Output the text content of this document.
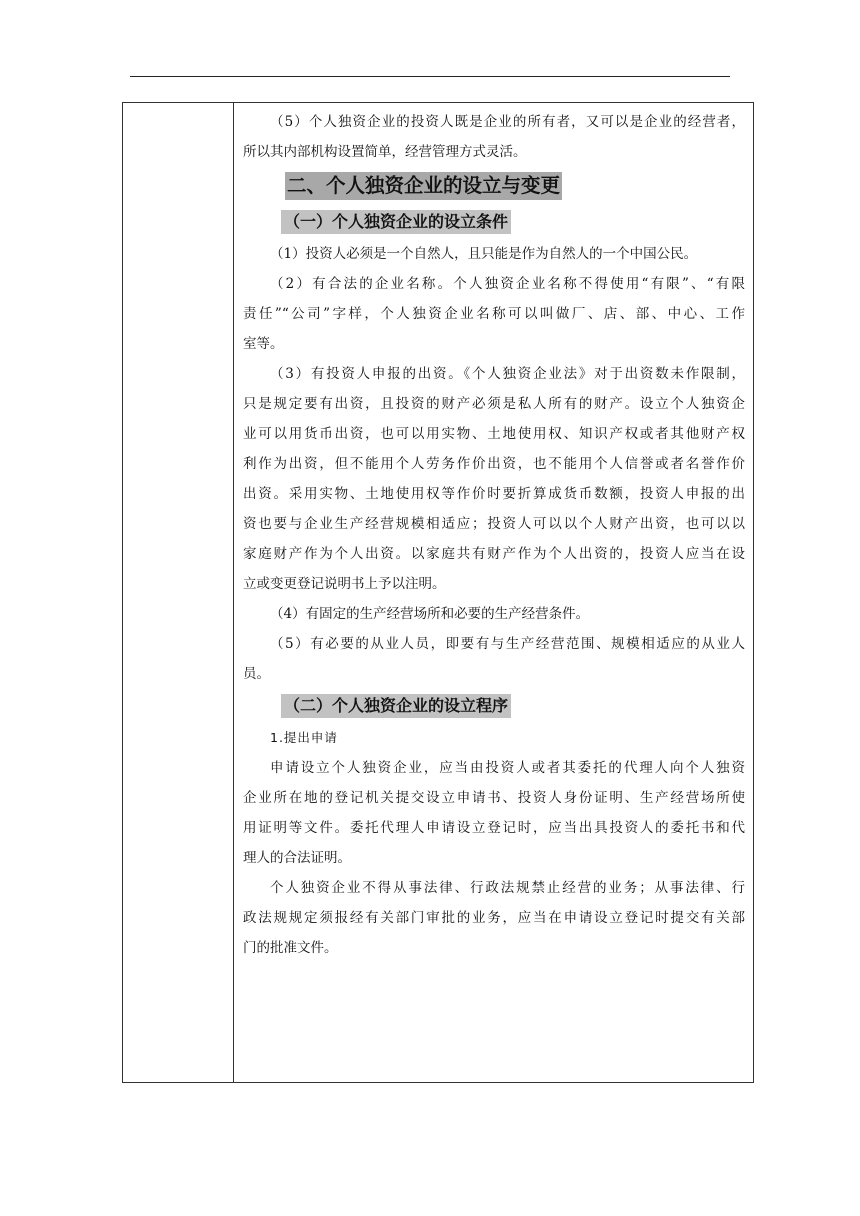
（5）个人独资企业的投资人既是企业的所有者，又可以是企业的经营者，
所以其内部机构设置简单，经营管理方式灵活。
二、个人独资企业的设立与变更
（一）个人独资企业的设立条件
（1）投资人必须是一个自然人，且只能是作为自然人的一个中国公民。
（2）有合法的企业名称。个人独资企业名称不得使用“有限”、“有限
责任”“公司”字样，个人独资企业名称可以叫做厂、店、部、中心、工作
室等。
（3）有投资人申报的出资。《个人独资企业法》对于出资数未作限制，
只是规定要有出资，且投资的财产必须是私人所有的财产。设立个人独资企
业可以用货币出资，也可以用实物、土地使用权、知识产权或者其他财产权
利作为出资，但不能用个人劳务作价出资，也不能用个人信誉或者名誉作价
出资。采用实物、土地使用权等作价时要折算成货币数额，投资人申报的出
资也要与企业生产经营规模相适应；投资人可以以个人财产出资，也可以以
家庭财产作为个人出资。以家庭共有财产作为个人出资的，投资人应当在设
立或变更登记说明书上予以注明。
（4）有固定的生产经营场所和必要的生产经营条件。
（5）有必要的从业人员，即要有与生产经营范围、规模相适应的从业人
员。
（二）个人独资企业的设立程序
1.提出申请
申请设立个人独资企业，应当由投资人或者其委托的代理人向个人独资
企业所在地的登记机关提交设立申请书、投资人身份证明、生产经营场所使
用证明等文件。委托代理人申请设立登记时，应当出具投资人的委托书和代
理人的合法证明。
个人独资企业不得从事法律、行政法规禁止经营的业务；从事法律、行
政法规规定须报经有关部门审批的业务，应当在申请设立登记时提交有关部
门的批准文件。
